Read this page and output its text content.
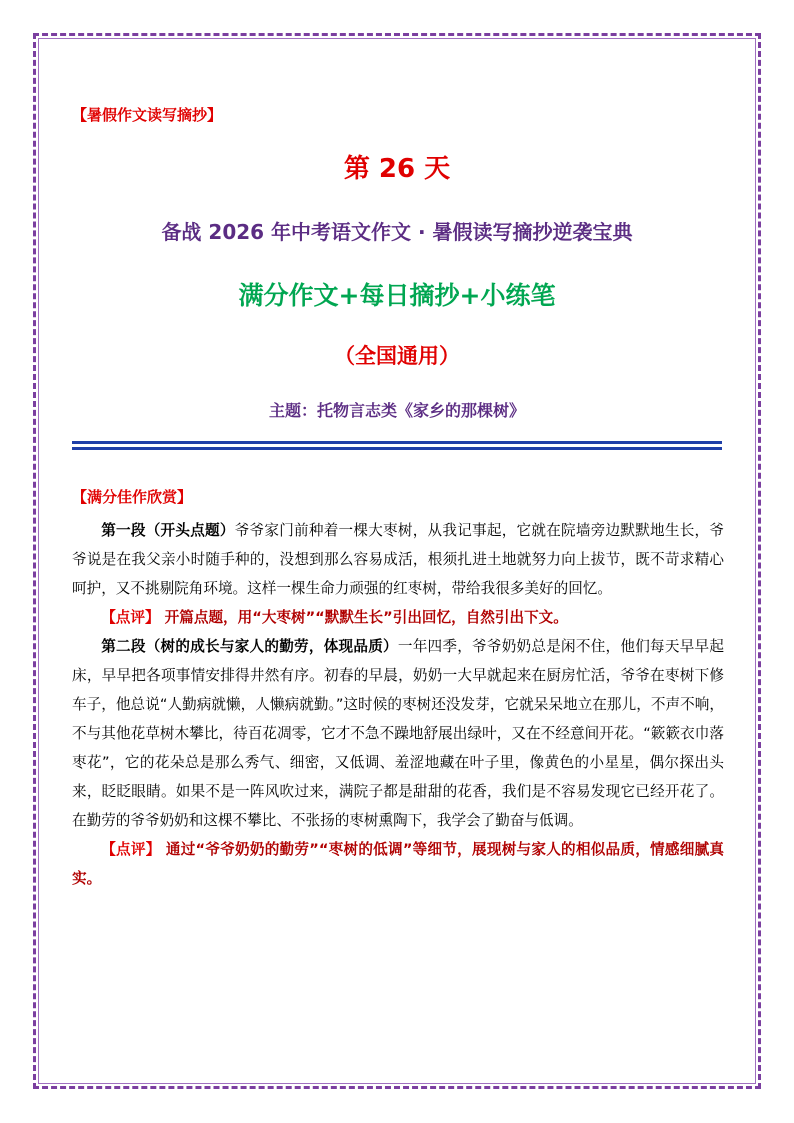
【暑假作文读写摘抄】
第 26 天
备战 2026 年中考语文作文 · 暑假读写摘抄逆袭宝典
满分作文+每日摘抄+小练笔
（全国通用）
主题：托物言志类《家乡的那棵树》
【满分佳作欣赏】

第一段（开头点题）爷爷家门前种着一棵大枣树，从我记事起，它就在院墙旁边默默地生长，爷爷说是在我父亲小时随手种的，没想到那么容易成活，根须扎进土地就努力向上拔节，既不苛求精心呵护，又不挑剔院角环境。这样一棵生命力顽强的红枣树，带给我很多美好的回忆。

【点评】 开篇点题，用“大枣树”“默默生长”引出回忆，自然引出下文。

第二段（树的成长与家人的勤劳，体现品质）一年四季，爷爷奶奶总是闲不住，他们每天早早起床，早早把各项事情安排得井然有序。初春的早晨，奶奶一大早就起来在厨房忙活，爷爷在枣树下修车子，他总说“人勤病就懒，人懒病就勤。”这时候的枣树还没发芽，它就呆呆地立在那儿，不声不响，不与其他花草树木攀比，待百花凋零，它才不急不躁地舒展出绿叶，又在不经意间开花。“簌簌衣巾落枣花”，它的花朵总是那么秀气、细密，又低调、羞涩地藏在叶子里，像黄色的小星星，偶尔探出头来，眨眨眼睛。如果不是一阵风吹过来，满院子都是甜甜的花香，我们是不容易发现它已经开花了。在勤劳的爷爷奶奶和这棵不攀比、不张扬的枣树熏陶下，我学会了勤奋与低调。

【点评】 通过“爷爷奶奶的勤劳”“枣树的低调”等细节，展现树与家人的相似品质，情感细腻真实。
